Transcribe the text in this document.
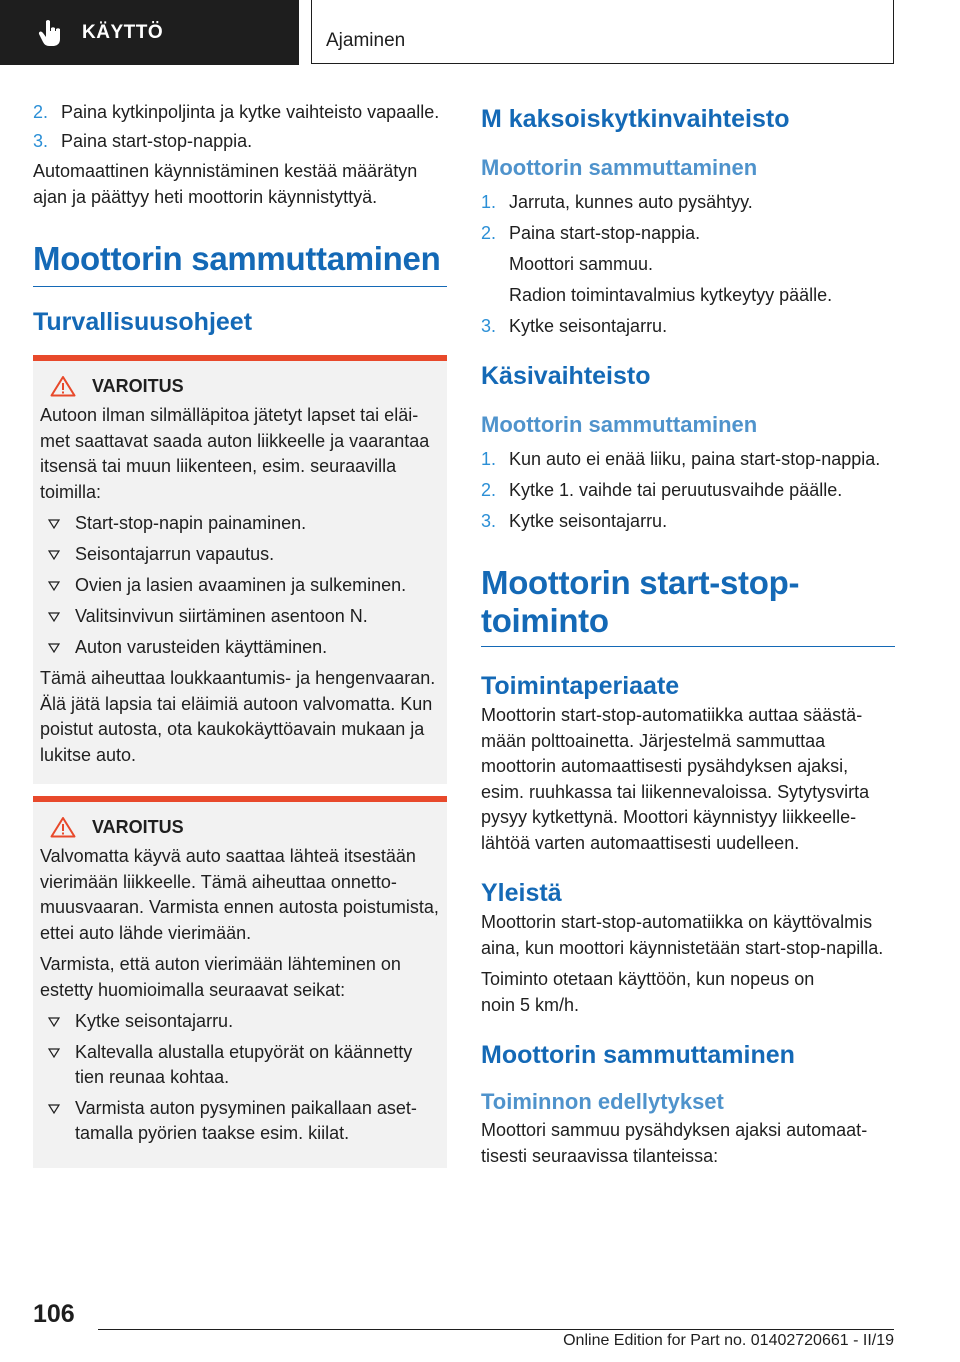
KÄYTTÖ	Ajaminen
2. Paina kytkinpoljinta ja kytke vaihteisto vapaalle.
3. Paina start-stop-nappia.

Automaattinen käynnistäminen kestää määrätyn ajan ja päättyy heti moottorin käynnistyttyä.

Moottorin sammuttaminen
Turvallisuusohjeet
VAROITUS

Autoon ilman silmälläpitoa jätetyt lapset tai eläimet saattavat saada auton liikkeelle ja vaarantaa itsensä tai muun liikenteen, esim. seuraavilla toimilla:

Start-stop-napin painaminen.
Seisontajarrun vapautus.
Ovien ja lasien avaaminen ja sulkeminen.
Valitsinvivun siirtäminen asentoon N.
Auton varusteiden käyttäminen.

Tämä aiheuttaa loukkaantumis- ja hengenvaaran. Älä jätä lapsia tai eläimiä autoon valvomatta. Kun poistut autosta, ota kaukokäyttöavain mukaan ja lukitse auto.

VAROITUS

Valvomatta käyvä auto saattaa lähteä itsestään vierimään liikkeelle. Tämä aiheuttaa onnettomuusvaaran. Varmista ennen autosta poistumista, ettei auto lähde vierimään.

Varmista, että auton vierimään lähteminen on estetty huomioimalla seuraavat seikat:

Kytke seisontajarru.
Kaltevalla alustalla etupyörät on käännetty tien reunaa kohtaa.
Varmista auton pysyminen paikallaan asettamalla pyörien taakse esim. kiilat.
M kaksoiskytkinvaihteisto
Moottorin sammuttaminen
1. Jarruta, kunnes auto pysähtyy.
2. Paina start-stop-nappia.
Moottori sammuu.
Radion toimintavalmius kytkeytyy päälle.
3. Kytke seisontajarru.
Käsivaihteisto
Moottorin sammuttaminen
1. Kun auto ei enää liiku, paina start-stop-nappia.
2. Kytke 1. vaihde tai peruutusvaihde päälle.
3. Kytke seisontajarru.
Moottorin start-stop-toiminto
Toimintaperiaate

Moottorin start-stop-automatiikka auttaa säästämään polttoainetta. Järjestelmä sammuttaa moottorin automaattisesti pysähdyksen ajaksi, esim. ruuhkassa tai liikennevaloissa. Sytytysvirta pysyy kytkettynä. Moottori käynnistyy liikkeellelähtöä varten automaattisesti uudelleen.

Yleistä

Moottorin start-stop-automatiikka on käyttövalmis aina, kun moottori käynnistetään start-stop-napilla.

Toiminto otetaan käyttöön, kun nopeus on noin 5 km/h.

Moottorin sammuttaminen
Toiminnon edellytykset

Moottori sammuu pysähdyksen ajaksi automaattisesti seuraavissa tilanteissa:

106
Online Edition for Part no. 01402720661 - II/19
